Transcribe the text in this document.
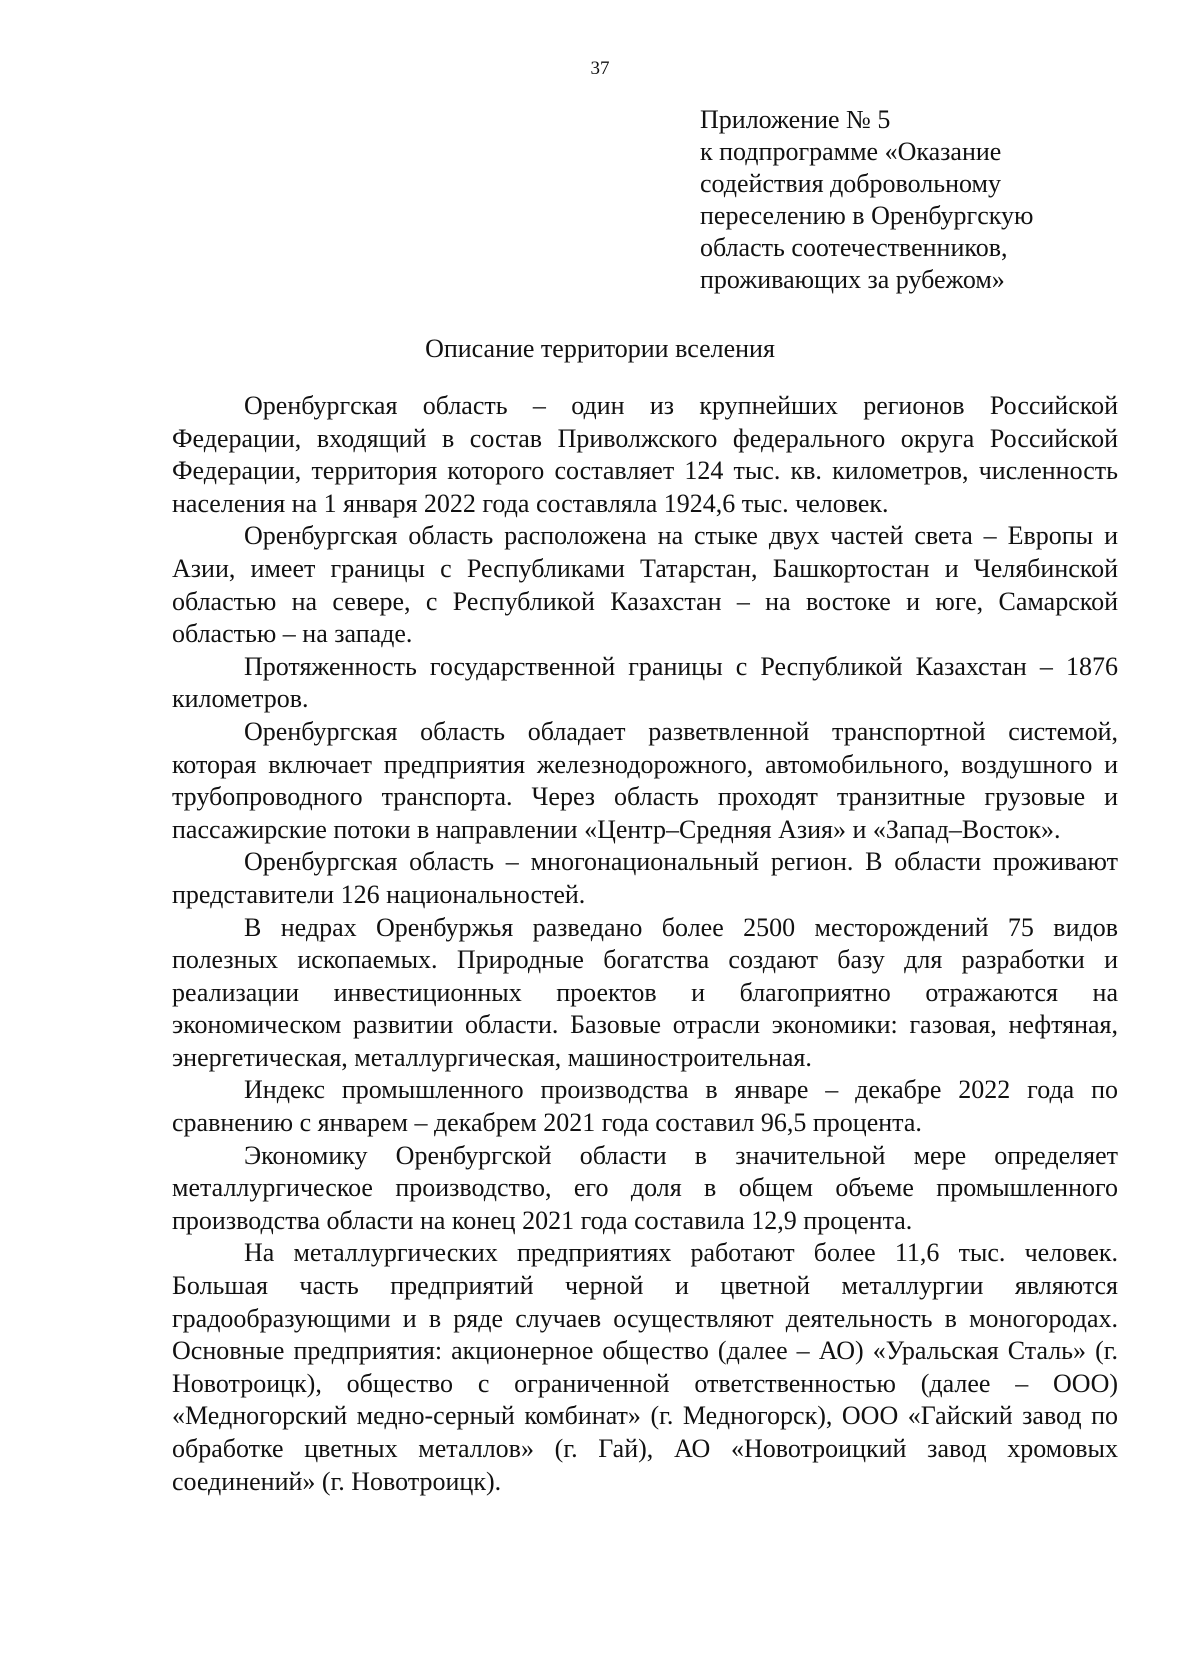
37
Приложение № 5
к подпрограмме «Оказание
содействия добровольному
переселению в Оренбургскую
область соотечественников,
проживающих за рубежом»
Описание территории вселения

Оренбургская область – один из крупнейших регионов Российской Федерации, входящий в состав Приволжского федерального округа Российской Федерации, территория которого составляет 124 тыс. кв. километров, численность населения на 1 января 2022 года составляла 1924,6 тыс. человек.

Оренбургская область расположена на стыке двух частей света – Европы и Азии, имеет границы с Республиками Татарстан, Башкортостан и Челябинской областью на севере, с Республикой Казахстан – на востоке и юге, Самарской областью – на западе.

Протяженность государственной границы с Республикой Казахстан – 1876 километров.

Оренбургская область обладает разветвленной транспортной системой, которая включает предприятия железнодорожного, автомобильного, воздушного и трубопроводного транспорта. Через область проходят транзитные грузовые и пассажирские потоки в направлении «Центр–Средняя Азия» и «Запад–Восток».

Оренбургская область – многонациональный регион. В области проживают представители 126 национальностей.

В недрах Оренбуржья разведано более 2500 месторождений 75 видов полезных ископаемых. Природные богатства создают базу для разработки и реализации инвестиционных проектов и благоприятно отражаются на экономическом развитии области. Базовые отрасли экономики: газовая, нефтяная, энергетическая, металлургическая, машиностроительная.

Индекс промышленного производства в январе – декабре 2022 года по сравнению с январем – декабрем 2021 года составил 96,5 процента.

Экономику Оренбургской области в значительной мере определяет металлургическое производство, его доля в общем объеме промышленного производства области на конец 2021 года составила 12,9 процента.

На металлургических предприятиях работают более 11,6 тыс. человек. Большая часть предприятий черной и цветной металлургии являются градообразующими и в ряде случаев осуществляют деятельность в моногородах. Основные предприятия: акционерное общество (далее – АО) «Уральская Сталь» (г. Новотроицк), общество с ограниченной ответственностью (далее – ООО) «Медногорский медно-серный комбинат» (г. Медногорск), ООО «Гайский завод по обработке цветных металлов» (г. Гай), АО «Новотроицкий завод хромовых соединений» (г. Новотроицк).
